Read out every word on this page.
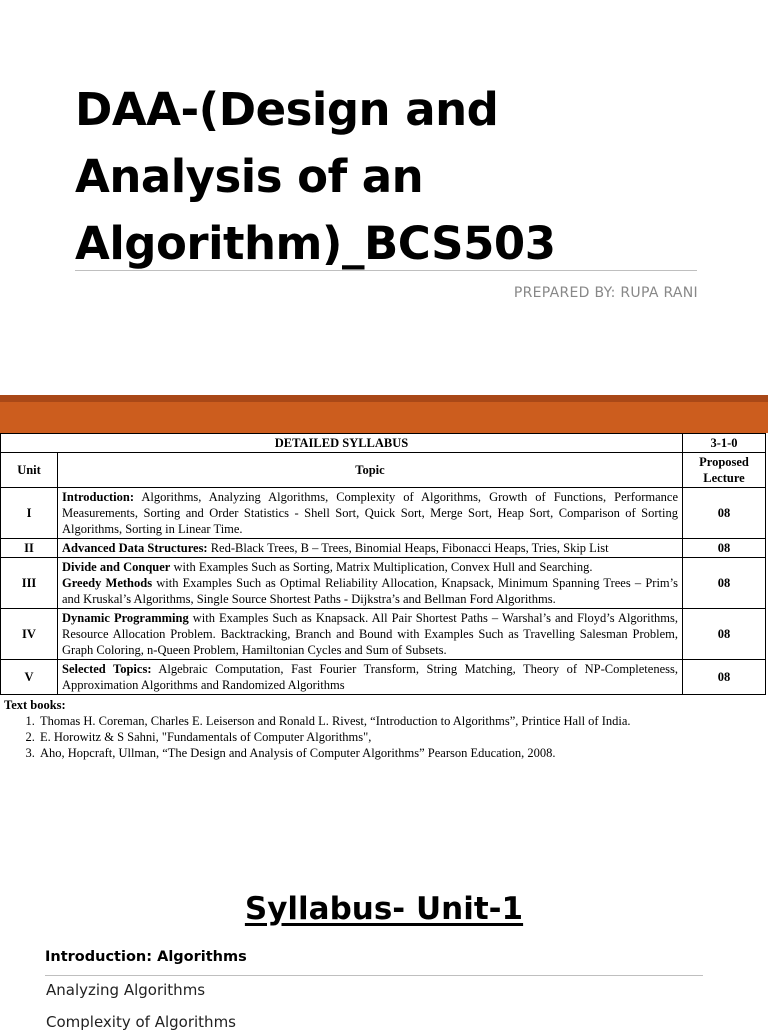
DAA-(Design and
Analysis of an
Algorithm)_BCS503
PREPARED BY: RUPA RANI
DETAILED SYLLABUS		3-1-0
Unit	Topic	Proposed
Lecture

I	Introduction: Algorithms, Analyzing Algorithms, Complexity of Algorithms, Growth of Functions, Performance Measurements, Sorting and Order Statistics - Shell Sort, Quick Sort, Merge Sort, Heap Sort, Comparison of Sorting Algorithms, Sorting in Linear Time.	08
II	Advanced Data Structures: Red-Black Trees, B – Trees, Binomial Heaps, Fibonacci Heaps, Tries, Skip List	08
III	Divide and Conquer with Examples Such as Sorting, Matrix Multiplication, Convex Hull and Searching.
Greedy Methods with Examples Such as Optimal Reliability Allocation, Knapsack, Minimum Spanning Trees – Prim’s and Kruskal’s Algorithms, Single Source Shortest Paths - Dijkstra’s and Bellman Ford Algorithms.	08
IV	Dynamic Programming with Examples Such as Knapsack. All Pair Shortest Paths – Warshal’s and Floyd’s Algorithms, Resource Allocation Problem. Backtracking, Branch and Bound with Examples Such as Travelling Salesman Problem, Graph Coloring, n-Queen Problem, Hamiltonian Cycles and Sum of Subsets.	08
V	Selected Topics: Algebraic Computation, Fast Fourier Transform, String Matching, Theory of NP-Completeness, Approximation Algorithms and Randomized Algorithms	08
Text books:
1. Thomas H. Coreman, Charles E. Leiserson and Ronald L. Rivest, “Introduction to Algorithms”, Printice Hall of India.
2. E. Horowitz & S Sahni, "Fundamentals of Computer Algorithms",
3. Aho, Hopcraft, Ullman, “The Design and Analysis of Computer Algorithms” Pearson Education, 2008.
Syllabus- Unit-1
Introduction: Algorithms
Analyzing Algorithms
Complexity of Algorithms
